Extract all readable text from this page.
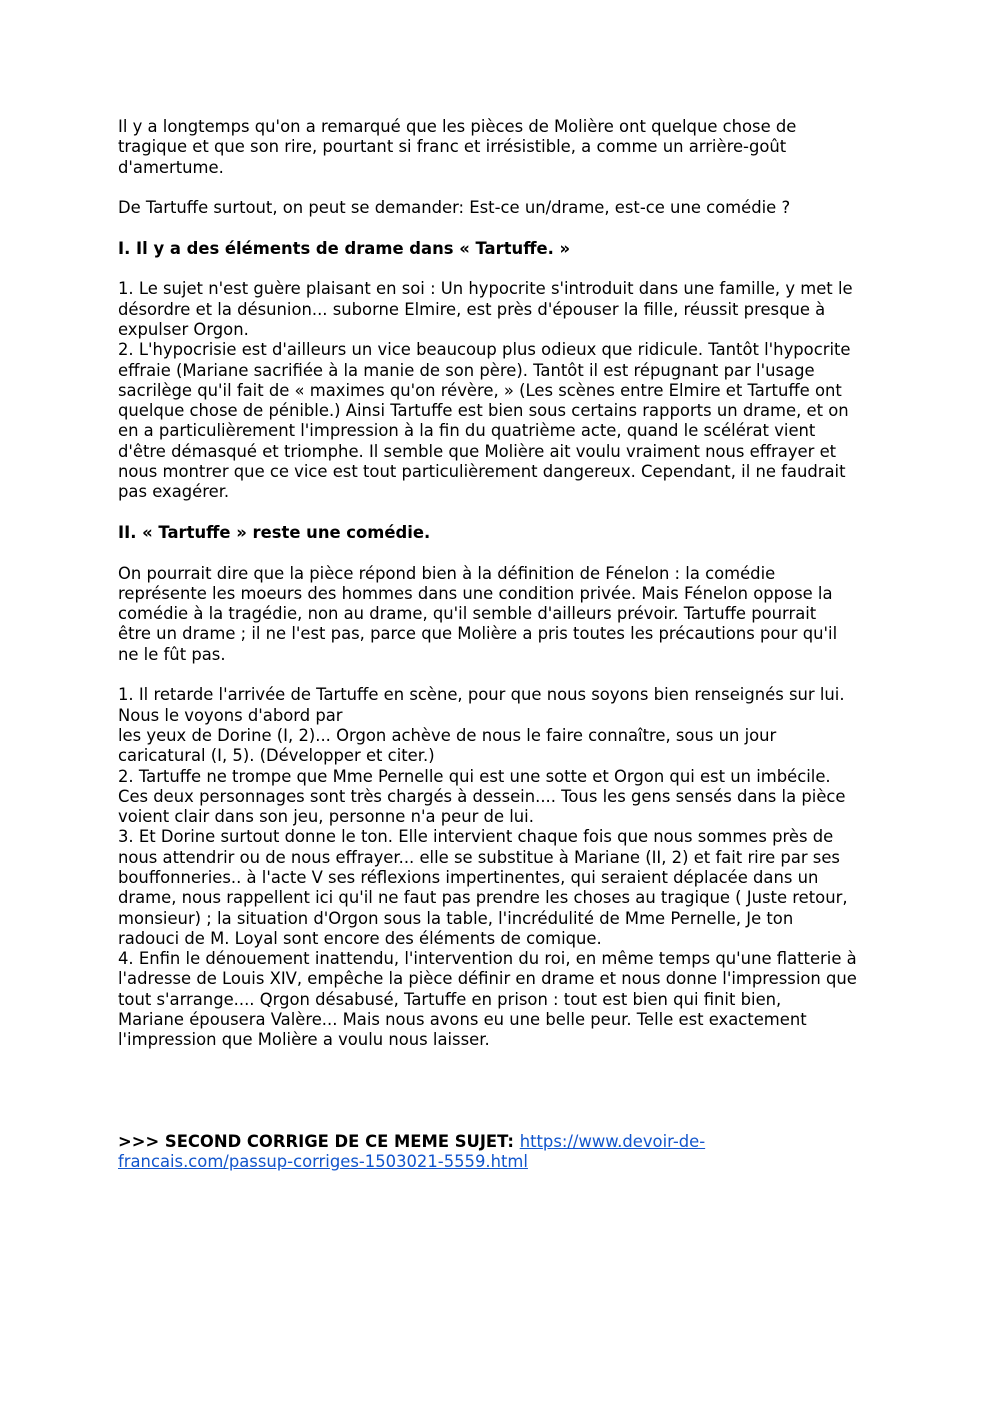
Il y a longtemps qu'on a remarqué que les pièces de Molière ont quelque chose de

tragique et que son rire, pourtant si franc et irrésistible, a comme un arrière-goût

d'amertume.

De Tartuffe surtout, on peut se demander: Est-ce un/drame, est-ce une comédie ?

I. Il y a des éléments de drame dans « Tartuffe. »

1. Le sujet n'est guère plaisant en soi : Un hypocrite s'introduit dans une famille, y met le

désordre et la désunion... suborne Elmire, est près d'épouser la fille, réussit presque à

expulser Orgon.

2. L'hypocrisie est d'ailleurs un vice beaucoup plus odieux que ridicule. Tantôt l'hypocrite

effraie (Mariane sacrifiée à la manie de son père). Tantôt il est répugnant par l'usage

sacrilège qu'il fait de « maximes qu'on révère, » (Les scènes entre Elmire et Tartuffe ont

quelque chose de pénible.) Ainsi Tartuffe est bien sous certains rapports un drame, et on

en a particulièrement l'impression à la fin du quatrième acte, quand le scélérat vient

d'être démasqué et triomphe. Il semble que Molière ait voulu vraiment nous effrayer et

nous montrer que ce vice est tout particulièrement dangereux. Cependant, il ne faudrait

pas exagérer.

II. « Tartuffe » reste une comédie.

On pourrait dire que la pièce répond bien à la définition de Fénelon : la comédie

représente les moeurs des hommes dans une condition privée. Mais Fénelon oppose la

comédie à la tragédie, non au drame, qu'il semble d'ailleurs prévoir. Tartuffe pourrait

être un drame ; il ne l'est pas, parce que Molière a pris toutes les précautions pour qu'il

ne le fût pas.

1. Il retarde l'arrivée de Tartuffe en scène, pour que nous soyons bien renseignés sur lui.

Nous le voyons d'abord par

les yeux de Dorine (I, 2)... Orgon achève de nous le faire connaître, sous un jour

caricatural (I, 5). (Développer et citer.)

2. Tartuffe ne trompe que Mme Pernelle qui est une sotte et Orgon qui est un imbécile.

Ces deux personnages sont très chargés à dessein.... Tous les gens sensés dans la pièce

voient clair dans son jeu, personne n'a peur de lui.

3. Et Dorine surtout donne le ton. Elle intervient chaque fois que nous sommes près de

nous attendrir ou de nous effrayer... elle se substitue à Mariane (II, 2) et fait rire par ses

bouffonneries.. à l'acte V ses réflexions impertinentes, qui seraient déplacée dans un

drame, nous rappellent ici qu'il ne faut pas prendre les choses au tragique ( Juste retour,

monsieur) ; la situation d'Orgon sous la table, l'incrédulité de Mme Pernelle, Je ton

radouci de M. Loyal sont encore des éléments de comique.

4. Enfin le dénouement inattendu, l'intervention du roi, en même temps qu'une flatterie à

l'adresse de Louis XIV, empêche la pièce définir en drame et nous donne l'impression que

tout s'arrange.... Qrgon désabusé, Tartuffe en prison : tout est bien qui finit bien,

Mariane épousera Valère... Mais nous avons eu une belle peur. Telle est exactement

l'impression que Molière a voulu nous laisser.

>>> SECOND CORRIGE DE CE MEME SUJET: https://www.devoir-de-

francais.com/passup-corriges-1503021-5559.html
